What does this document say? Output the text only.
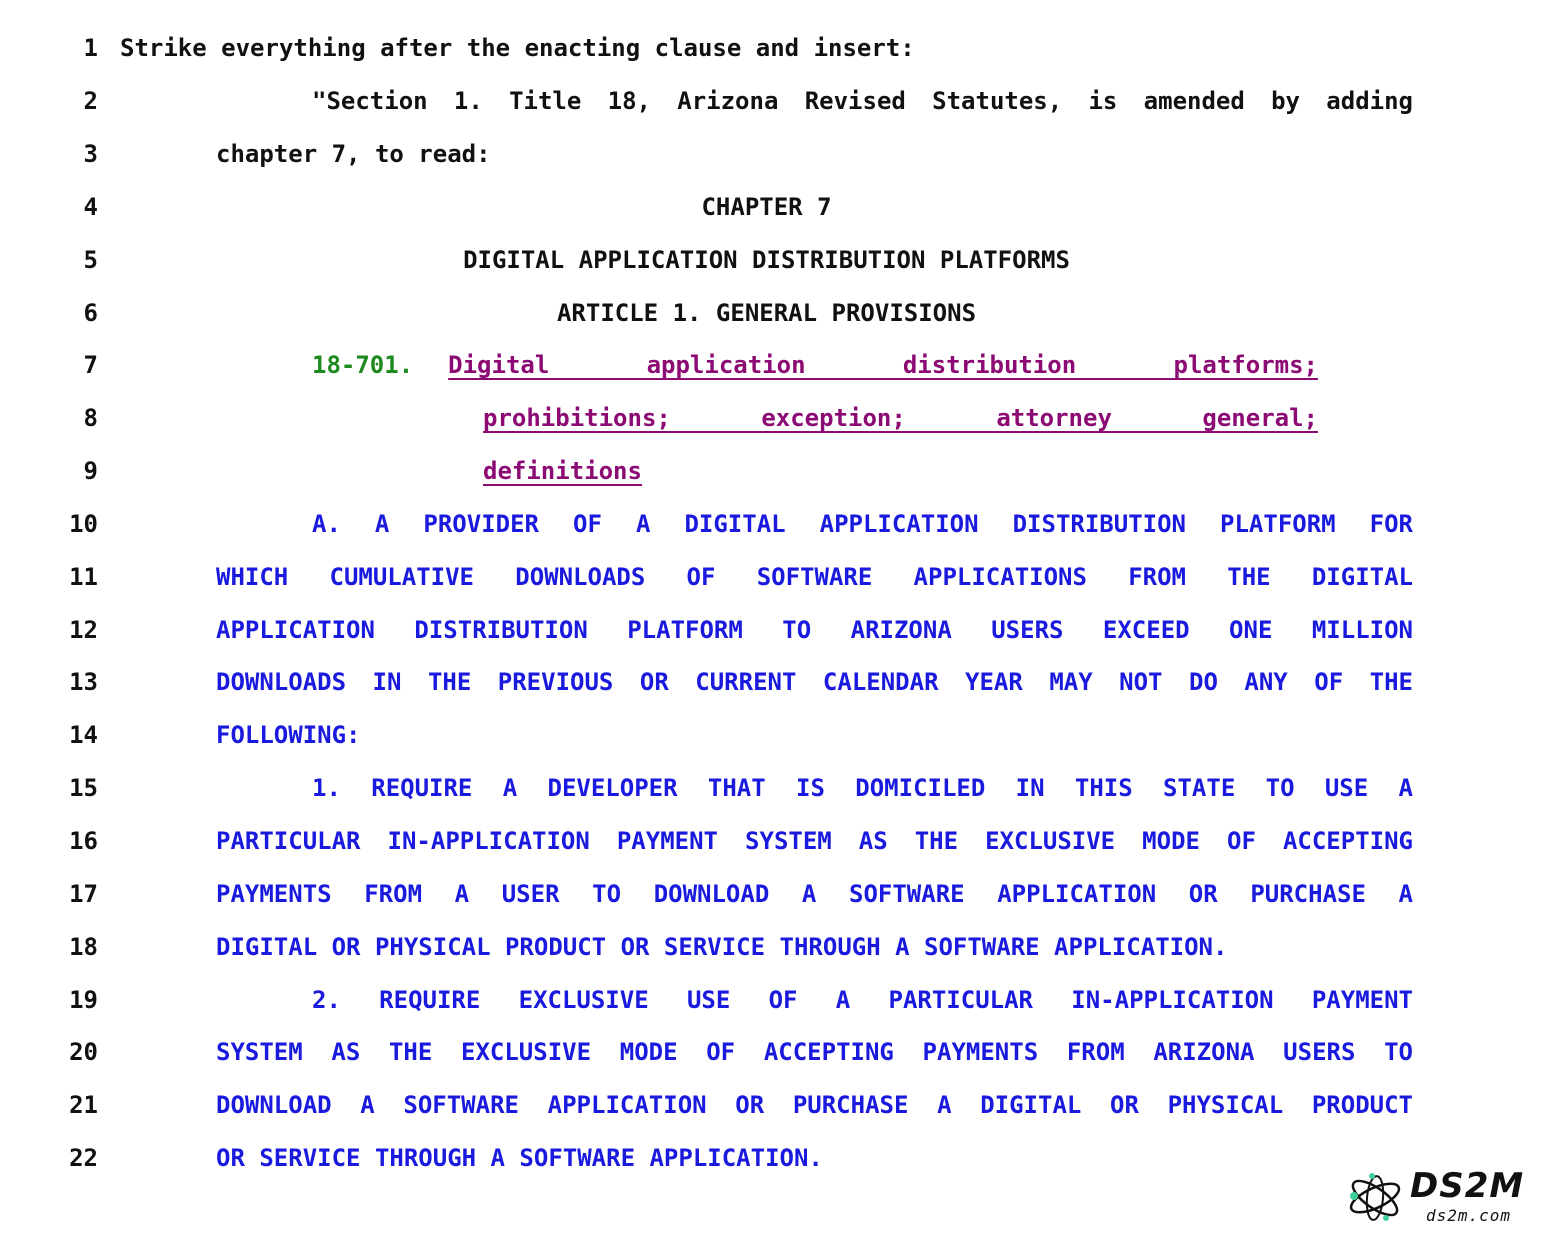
1
2
3
4
5
6
7
8
9
10
11
12
13
14
15
16
17
18
19
20
21
22
Strike everything after the enacting clause and insert:
"Section 1. Title 18, Arizona Revised Statutes, is amended by adding
chapter 7, to read:
CHAPTER 7
DIGITAL APPLICATION DISTRIBUTION PLATFORMS
ARTICLE 1. GENERAL PROVISIONS
18-701. Digital application distribution platforms;
prohibitions; exception; attorney general;
definitions
A. A PROVIDER OF A DIGITAL APPLICATION DISTRIBUTION PLATFORM FOR
WHICH CUMULATIVE DOWNLOADS OF SOFTWARE APPLICATIONS FROM THE DIGITAL
APPLICATION DISTRIBUTION PLATFORM TO ARIZONA USERS EXCEED ONE MILLION
DOWNLOADS IN THE PREVIOUS OR CURRENT CALENDAR YEAR MAY NOT DO ANY OF THE
FOLLOWING:
1. REQUIRE A DEVELOPER THAT IS DOMICILED IN THIS STATE TO USE A
PARTICULAR IN-APPLICATION PAYMENT SYSTEM AS THE EXCLUSIVE MODE OF ACCEPTING
PAYMENTS FROM A USER TO DOWNLOAD A SOFTWARE APPLICATION OR PURCHASE A
DIGITAL OR PHYSICAL PRODUCT OR SERVICE THROUGH A SOFTWARE APPLICATION.
2. REQUIRE EXCLUSIVE USE OF A PARTICULAR IN-APPLICATION PAYMENT
SYSTEM AS THE EXCLUSIVE MODE OF ACCEPTING PAYMENTS FROM ARIZONA USERS TO
DOWNLOAD A SOFTWARE APPLICATION OR PURCHASE A DIGITAL OR PHYSICAL PRODUCT
OR SERVICE THROUGH A SOFTWARE APPLICATION.
DS2M
ds2m.com
